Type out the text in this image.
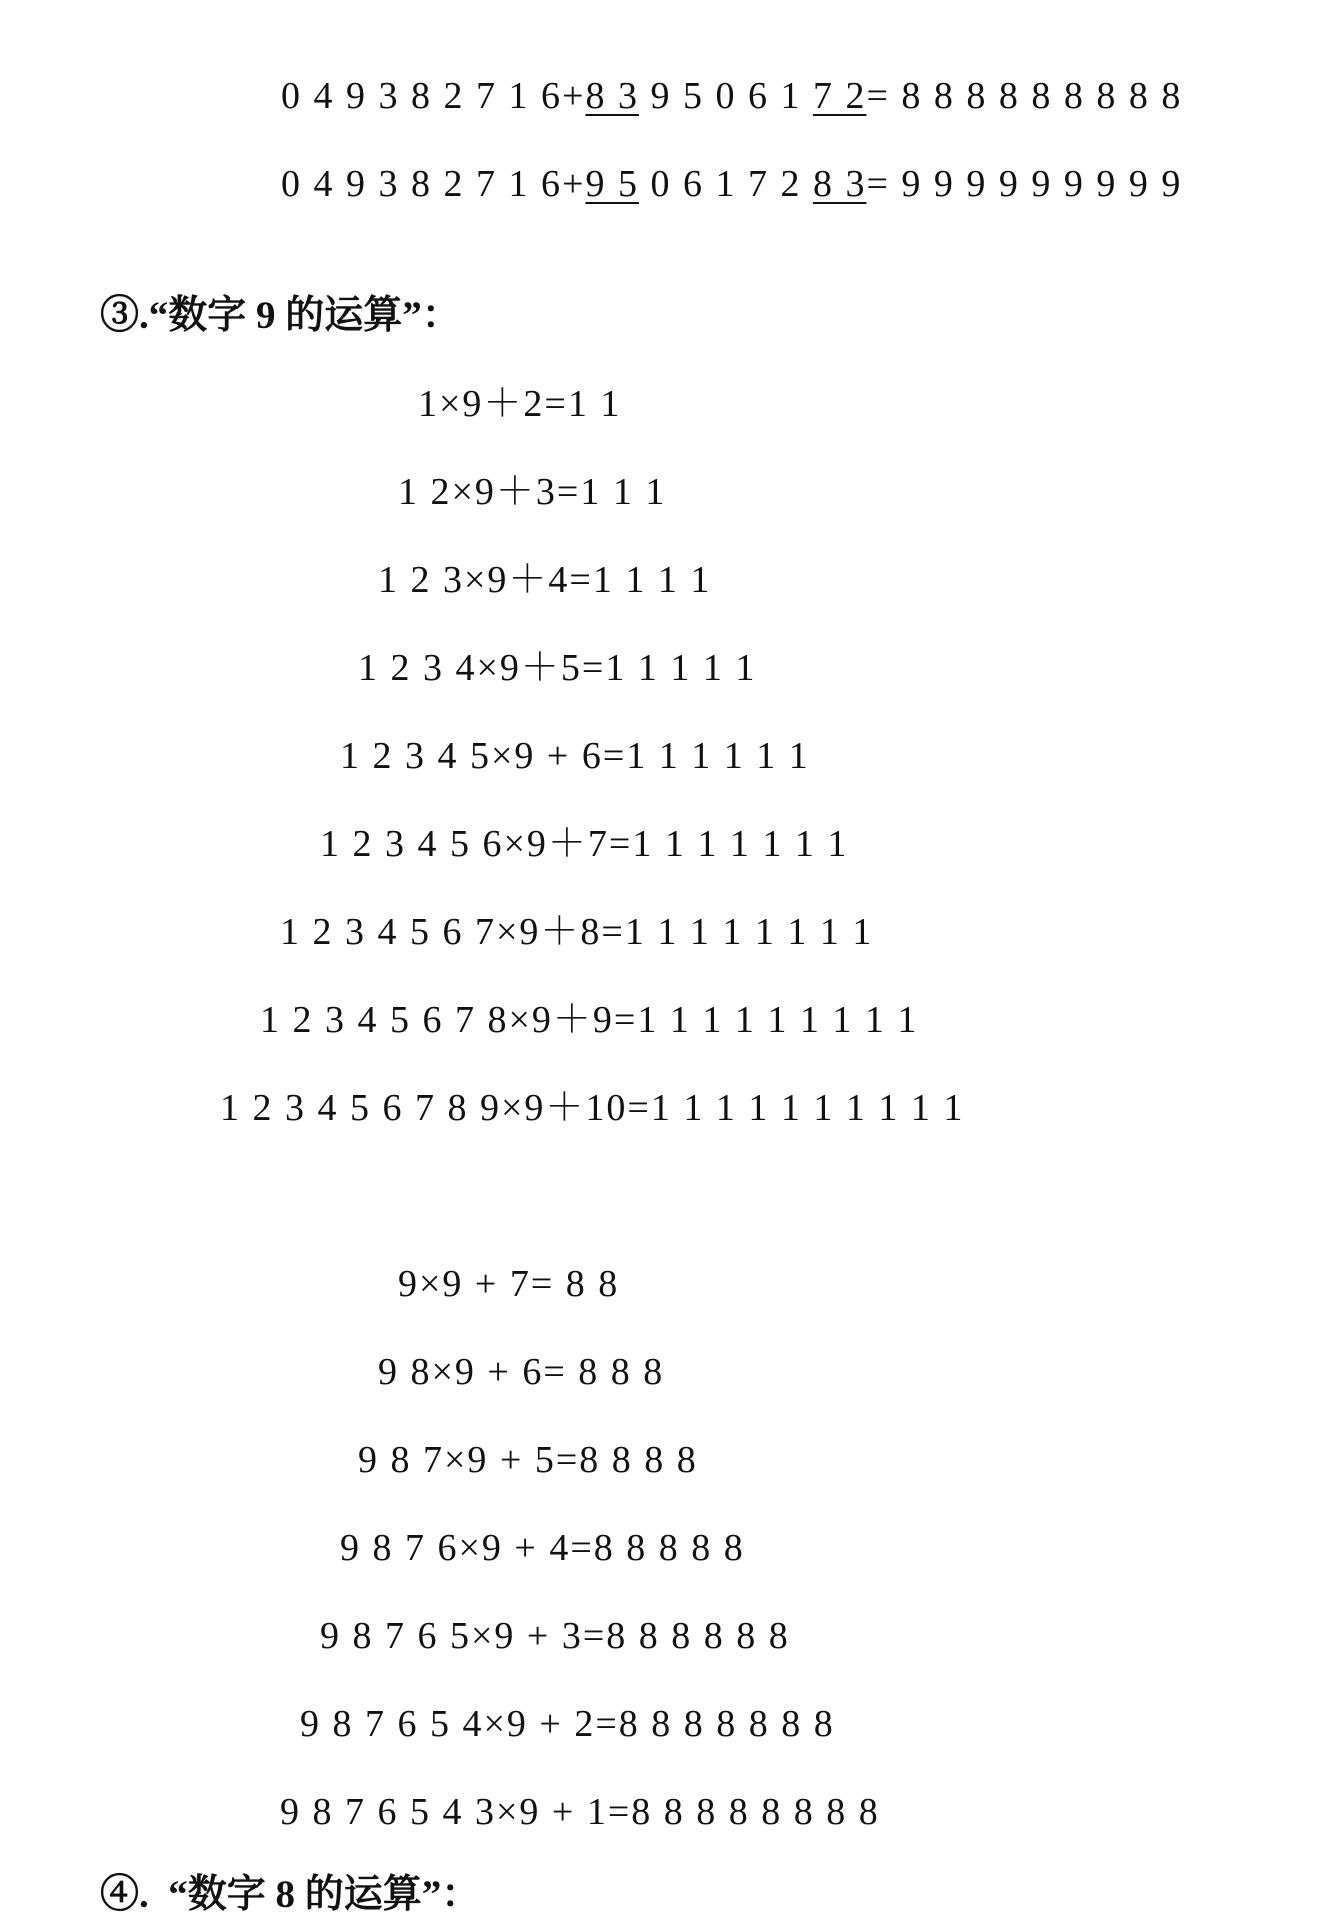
0 4 9 3 8 2 7 1 6+8 3 9 5 0 6 1 7 2= 8 8 8 8 8 8 8 8 8

0 4 9 3 8 2 7 1 6+9 5 0 6 1 7 2 8 3= 9 9 9 9 9 9 9 9 9

③.“数字 9 的运算”：
1×9＋2=1 1
1 2×9＋3=1 1 1
1 2 3×9＋4=1 1 1 1
1 2 3 4×9＋5=1 1 1 1 1
1 2 3 4 5×9 + 6=1 1 1 1 1 1
1 2 3 4 5 6×9＋7=1 1 1 1 1 1 1
1 2 3 4 5 6 7×9＋8=1 1 1 1 1 1 1 1
1 2 3 4 5 6 7 8×9＋9=1 1 1 1 1 1 1 1 1
1 2 3 4 5 6 7 8 9×9＋10=1 1 1 1 1 1 1 1 1 1
9×9 + 7= 8 8
9 8×9 + 6= 8 8 8
9 8 7×9 + 5=8 8 8 8
9 8 7 6×9 + 4=8 8 8 8 8
9 8 7 6 5×9 + 3=8 8 8 8 8 8
9 8 7 6 5 4×9 + 2=8 8 8 8 8 8 8
9 8 7 6 5 4 3×9 + 1=8 8 8 8 8 8 8 8
④.  “数字 8 的运算”：
